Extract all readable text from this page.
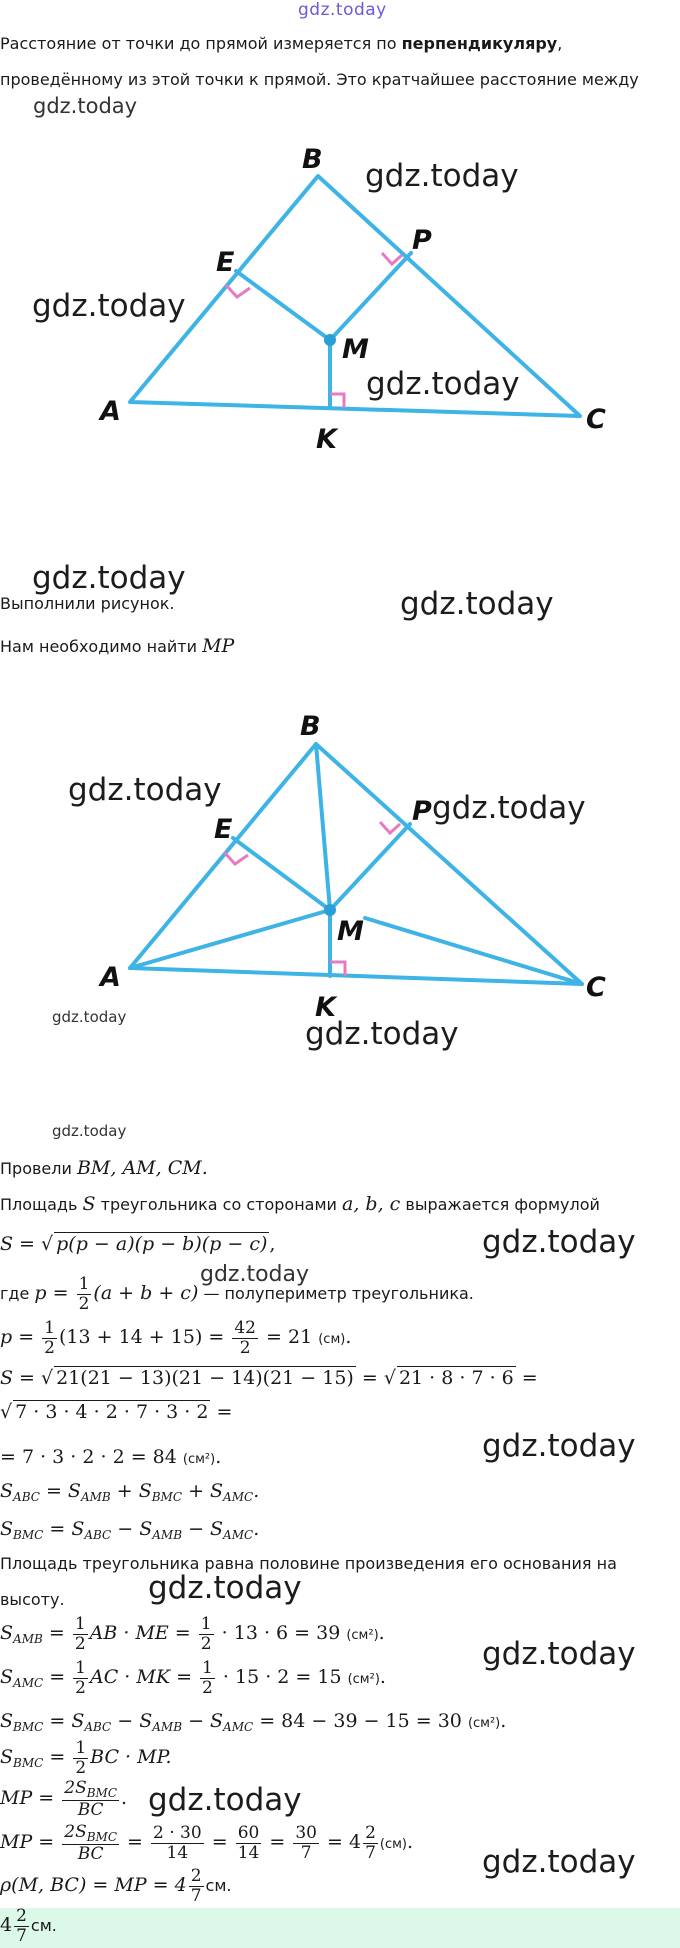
gdz.today
Расстояние от точки до прямой измеряется по перпендикуляру,
проведённому из этой точки к прямой. Это кратчайшее расстояние между
B
P
E
M
A	C
K
gdz.today
gdz.today
gdz.today
gdz.today
gdz.today
gdz.today
Выполнили рисунок.
Нам необходимо найти MP
B
P
E
M
A	C
K
gdz.today	gdz.today
gdz.today	gdz.today
gdz.today
Провели BM, AM, CM.
Площадь S треугольника со сторонами a, b, c выражается формулой
S = √ p(p − a)(p − b)(p − c) ,	gdz.today
gdz.today
где $p = \frac{1}{2} (a + b + c)$ — полупериметр треугольника.
$p = \frac{1}{2} (13 + 14 + 15) = \frac{42}{2} = 21$ (см).
S = √ 21(21 − 13)(21 − 14)(21 − 15) = √ 21 · 8 · 7 · 6 =
√ 7 · 3 · 4 · 2 · 7 · 3 · 2 =
= 7 · 3 · 2 · 2 = 84 (см²).	gdz.today
$S_{ABC} = S_{AMB} + S_{BMC} + S_{AMC}$.
$S_{BMC} = S_{ABC} - S_{AMB} - S_{AMC}$.
Площадь треугольника равна половине произведения его основания на
высоту.	gdz.today
$S_{AMB} = \frac{1}{2}$ AB · ME = $\frac{1}{2} \cdot 13 \cdot 6 = 39$ (см²).
gdz.today
$S_{AMC} = \frac{1}{2}$ AC · MK = $\frac{1}{2} \cdot 15 \cdot 2 = 15$ (см²).
$S_{BMC} = S_{ABC} - S_{AMB} - S_{AMC} = 84 - 39 - 15 = 30$ (см²).
$S_{BMC} = \frac{1}{2}$ BC · MP.
MP = $\frac{2S_{BMC}}{BC}$ . gdz.today
MP = $\frac{2S_{BMC}}{BC} = \frac{2 \cdot 30}{14} = \frac{60}{14} = \frac{30}{7} = 4 \frac{2}{7} (см)$.
ρ(M, BC) = MP = $4 \frac{2}{7}$ см.
gdz.today
$4 \frac{2}{7}$ см.
